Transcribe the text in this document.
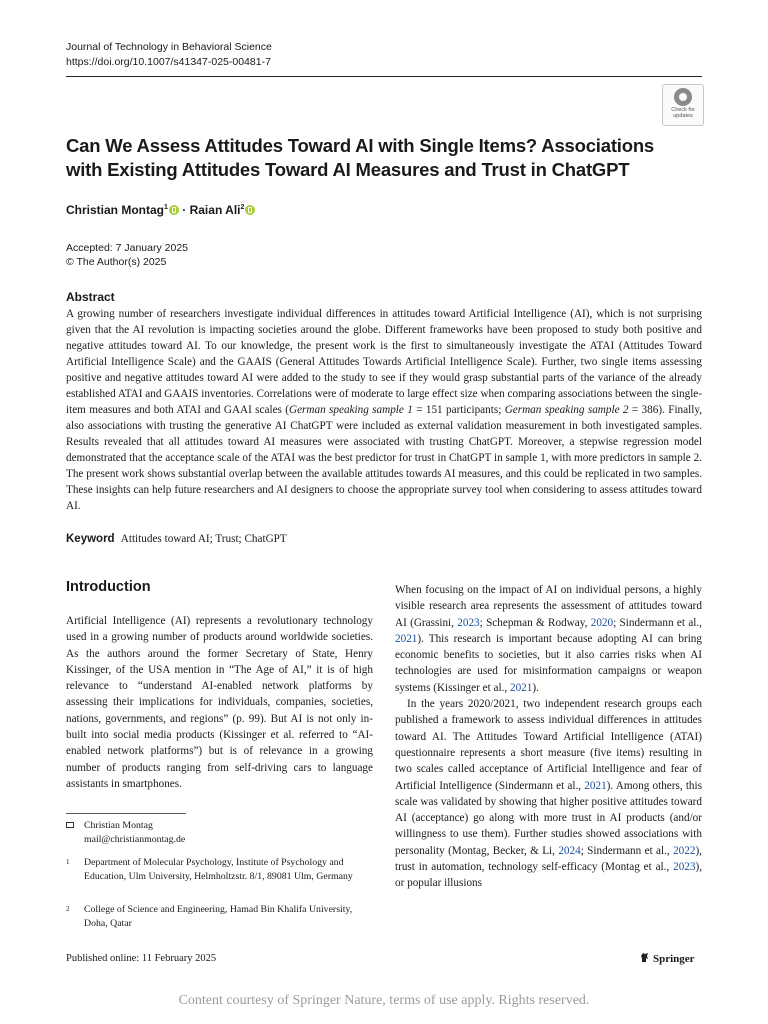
Journal of Technology in Behavioral Science
https://doi.org/10.1007/s41347-025-00481-7
Check for
updates
Can We Assess Attitudes Toward AI with Single Items? Associations with Existing Attitudes Toward AI Measures and Trust in ChatGPT
Christian Montag$^1$ · Raian Ali$^2$
Accepted: 7 January 2025
© The Author(s) 2025
Abstract
A growing number of researchers investigate individual differences in attitudes toward Artificial Intelligence (AI), which is not surprising given that the AI revolution is impacting societies around the globe. Different frameworks have been proposed to study both positive and negative attitudes toward AI. To our knowledge, the present work is the first to simultaneously investigate the ATAI (Attitudes Toward Artificial Intelligence Scale) and the GAAIS (General Attitudes Towards Artificial Intelligence Scale). Further, two single items assessing positive and negative attitudes toward AI were added to the study to see if they would grasp substantial parts of the variance of the already established ATAI and GAAIS inventories. Correlations were of moderate to large effect size when comparing associations between the single-item measures and both ATAI and GAAI scales (German speaking sample 1 = 151 participants; German speaking sample 2 = 386). Finally, also associations with trusting the generative AI ChatGPT were included as external validation measurement in both investigated samples. Results revealed that all attitudes toward AI measures were associated with trusting ChatGPT. Moreover, a stepwise regression model demonstrated that the acceptance scale of the ATAI was the best predictor for trust in ChatGPT in sample 1, with more predictors in sample 2. The present work shows substantial overlap between the available attitudes towards AI measures, and this could be replicated in two samples. These insights can help future researchers and AI designers to choose the appropriate survey tool when considering to assess attitudes toward AI.
Keyword Attitudes toward AI; Trust; ChatGPT
Introduction

Artificial Intelligence (AI) represents a revolutionary technology used in a growing number of products around worldwide societies. As the authors around the former Secretary of State, Henry Kissinger, of the USA mention in “The Age of AI,” it is of high relevance to “understand AI-enabled network platforms by assessing their implications for individuals, companies, societies, nations, governments, and regions” (p. 99). But AI is not only in-built into social media products (Kissinger et al. referred to “AI-enabled network platforms”) but is of relevance in a growing number of products ranging from self-driving cars to language assistants in smartphones.

When focusing on the impact of AI on individual persons, a highly visible research area represents the assessment of attitudes toward AI (Grassini, 2023; Schepman & Rodway, 2020; Sindermann et al., 2021). This research is important because adopting AI can bring economic benefits to societies, but it also carries risks when AI technologies are used for misinformation campaigns or weapon systems (Kissinger et al., 2021).

In the years 2020/2021, two independent research groups each published a framework to assess individual differences in attitudes toward AI. The Attitudes Toward Artificial Intelligence (ATAI) questionnaire represents a short measure (five items) resulting in two scales called acceptance of Artificial Intelligence and fear of Artificial Intelligence (Sindermann et al., 2021). Among others, this scale was validated by showing that higher positive attitudes toward AI (acceptance) go along with more trust in AI products (and/or willingness to use them). Further studies showed associations with personality (Montag, Becker, & Li, 2024; Sindermann et al., 2022), trust in automation, technology self-efficacy (Montag et al., 2023), or popular illusions

Christian Montag
mail@christianmontag.de
1 Department of Molecular Psychology, Institute of Psychology and Education, Ulm University, Helmholtzstr. 8/1, 89081 Ulm, Germany
2 College of Science and Engineering, Hamad Bin Khalifa University, Doha, Qatar
Published online: 11 February 2025	Springer
Content courtesy of Springer Nature, terms of use apply. Rights reserved.
